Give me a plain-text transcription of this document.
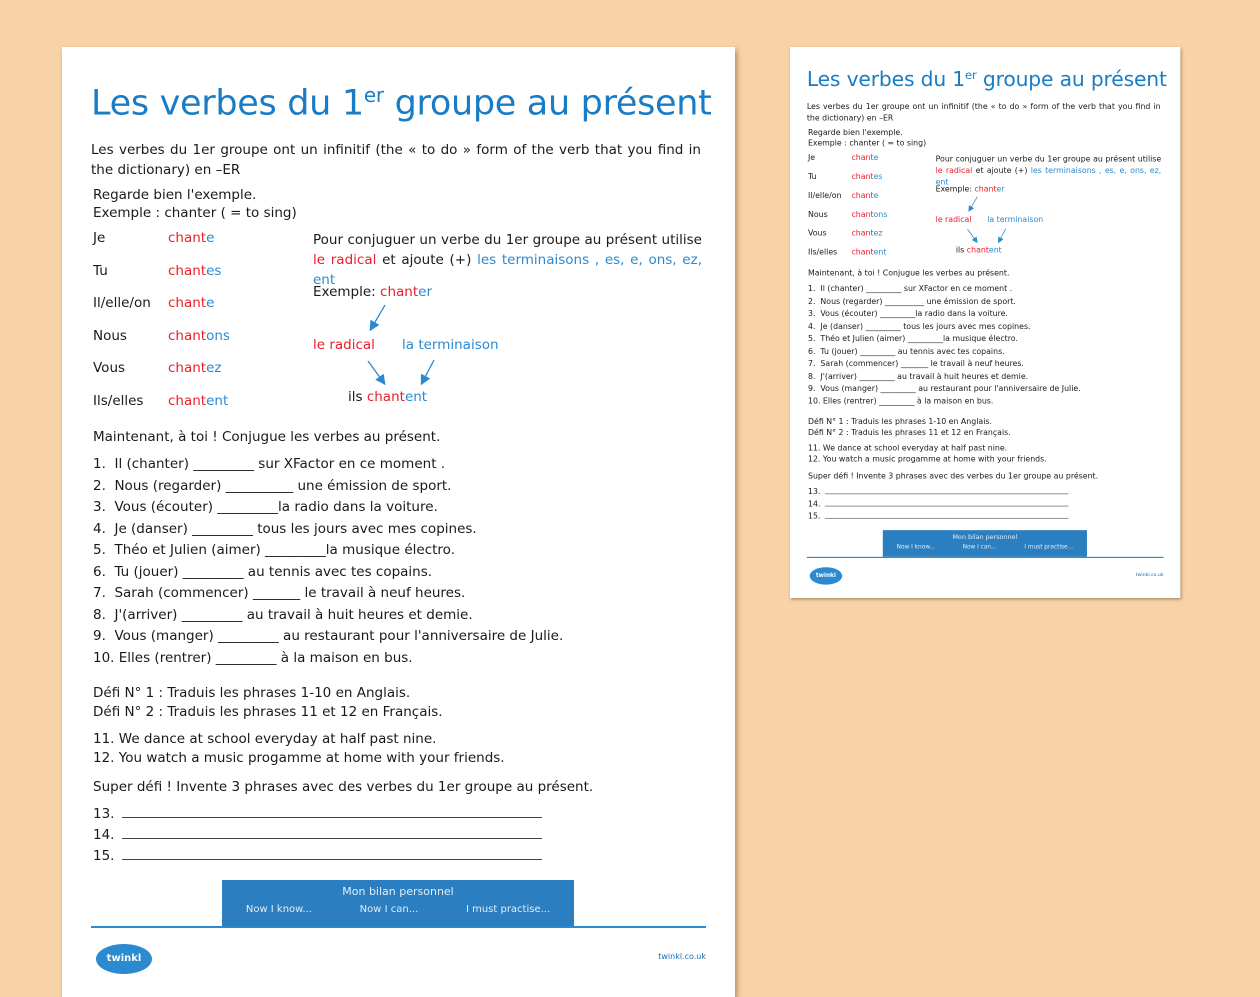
Les verbes du 1er groupe au présent
Les verbes du 1er groupe ont un infinitif (the « to do » form of the verb that you find in the dictionary) en –ER
Regarde bien l'exemple.
Exemple : chanter ( = to sing)
Je	chante
Tu	chantes
Il/elle/on chante
Nous	chantons
Vous	chantez
Ils/elles chantent
Pour conjuguer un verbe du 1er groupe au présent utilise le radical et ajoute (+) les terminaisons , es, e, ons, ez, ent
Exemple: chanter
le radical la terminaison
ils chantent
Maintenant, à toi ! Conjugue les verbes au présent.
1.  Il (chanter) _________ sur XFactor en ce moment .
2.  Nous (regarder) __________ une émission de sport.
3.  Vous (écouter) _________la radio dans la voiture.
4.  Je (danser) _________ tous les jours avec mes copines.
5.  Théo et Julien (aimer) _________la musique électro.
6.  Tu (jouer) _________ au tennis avec tes copains.
7.  Sarah (commencer) _______ le travail à neuf heures.
8.  J'(arriver) _________ au travail à huit heures et demie.
9.  Vous (manger) _________ au restaurant pour l'anniversaire de Julie.
10. Elles (rentrer) _________ à la maison en bus.
Défi N° 1 : Traduis les phrases 1-10 en Anglais.
Défi N° 2 : Traduis les phrases 11 et 12 en Français.
11. We dance at school everyday at half past nine.
12. You watch a music progamme at home with your friends.
Super défi ! Invente 3 phrases avec des verbes du 1er groupe au présent.
13.
14.
15.
Mon bilan personnel
Now I know...	Now I can...	I must practise...
twinkl	twinkl.co.uk
Les verbes du 1er groupe au présent
Les verbes du 1er groupe ont un infinitif (the « to do » form of the verb that you find in the dictionary) en –ER
Regarde bien l'exemple.
Exemple : chanter ( = to sing)
Je	chante
Tu	chantes
Il/elle/on chante
Nous chantons
Vous chantez
Ils/elles chantent
Pour conjuguer un verbe du 1er groupe au présent utilise le radical et ajoute (+) les terminaisons , es, e, ons, ez, ent
Exemple: chanter
le radical la terminaison
ils chantent
Maintenant, à toi ! Conjugue les verbes au présent.
1.  Il (chanter) _________ sur XFactor en ce moment .
2.  Nous (regarder) __________ une émission de sport.
3.  Vous (écouter) _________la radio dans la voiture.
4.  Je (danser) _________ tous les jours avec mes copines.
5.  Théo et Julien (aimer) _________la musique électro.
6.  Tu (jouer) _________ au tennis avec tes copains.
7.  Sarah (commencer) _______ le travail à neuf heures.
8.  J'(arriver) _________ au travail à huit heures et demie.
9.  Vous (manger) _________ au restaurant pour l'anniversaire de Julie.
10. Elles (rentrer) _________ à la maison en bus.
Défi N° 1 : Traduis les phrases 1-10 en Anglais.
Défi N° 2 : Traduis les phrases 11 et 12 en Français.
11. We dance at school everyday at half past nine.
12. You watch a music progamme at home with your friends.
Super défi ! Invente 3 phrases avec des verbes du 1er groupe au présent.
13.
14.
15.
Mon bilan personnel
Now I know...	Now I can...	I must practise...
twinkl	twinkl.co.uk
